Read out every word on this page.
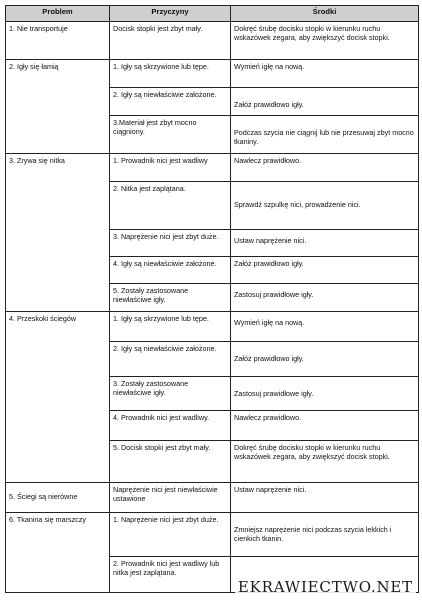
Problem	Przyczyny	Środki
1. Nie transportuje	Docisk stopki jest zbyt mały.	Dokręć śrubę docisku stopki w kierunku ruchu wskazówek zegara, aby zwiększyć docisk stopki.
2. Igły się łamią	1. Igły są skrzywione lub tępe.	Wymień igłę na nową.
	2. Igły są niewłaściwie założone.	Załóż prawidłowo igły.

	3.Materiał jest zbyt mocno ciągniony.	Podczas szycia nie ciągnij lub nie przesuwaj zbyt mocno tkaniny.

3. Zrywa się nitka	1. Prowadnik nici jest wadliwy	Nawlecz prawidłowo.
	2. Nitka jest zaplątana.	Sprawdź szpulkę nici, prowadzenie nici.

	3. Naprężenie nici jest zbyt duże.	Ustaw naprężenie nici.

	4. Igły są niewłaściwie założone.	Załóż prawidłowo igły.
	5. Zostały zastosowane niewłaściwe igły.	Zastosuj prawidłowe igły.

4. Przeskoki ściegów	1. Igły są skrzywione lub tępe.	Wymień igłę na nową.

	2. Igły są niewłaściwie założone.	Załóż prawidłowo igły.

	3. Zostały zastosowane niewłaściwe igły.	Zastosuj prawidłowe igły.

	4. Prowadnik nici jest wadliwy.	Nawlecz prawidłowo.
	5. Docisk stopki jest zbyt mały.	Dokręć śrubę docisku stopki w kierunku ruchu wskazówek zegara, aby zwiększyć docisk stopki.

5. Ściegi są nierówne	Naprężenie nici jest niewłaściwie ustawione	Ustaw naprężenie nici.
6. Tkanina się marszczy	1. Naprężenie nici jest zbyt duże.	Zmniejsz naprężenie nici podczas szycia lekkich i cienkich tkanin.

	2. Prowadnik nici jest wadliwy lub nitka jest zaplątana.	
EKRAWIECTWO.NET
